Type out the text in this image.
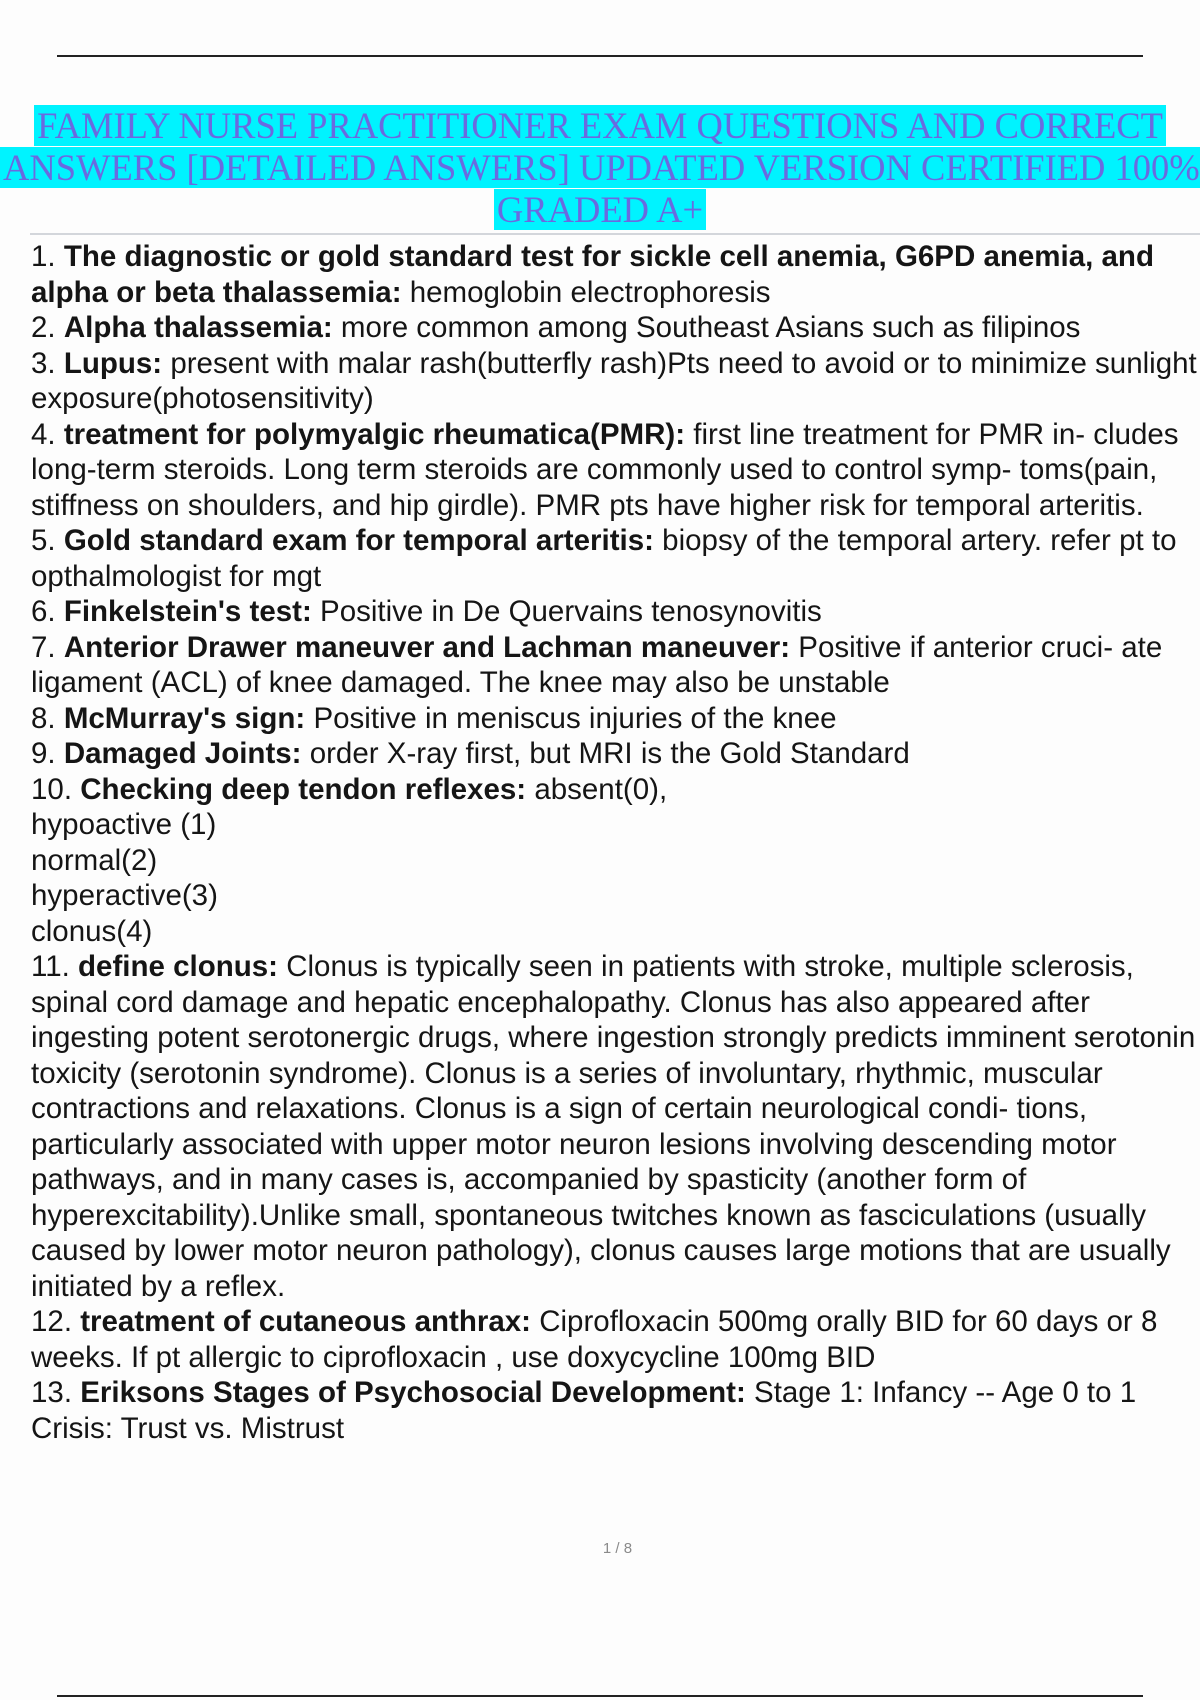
FAMILY NURSE PRACTITIONER EXAM QUESTIONS AND CORRECT
ANSWERS [DETAILED ANSWERS] UPDATED VERSION CERTIFIED 100%
GRADED A+

1. The diagnostic or gold standard test for sickle cell anemia, G6PD anemia, and alpha or beta thalassemia: hemoglobin electrophoresis

2. Alpha thalassemia: more common among Southeast Asians such as filipinos

3. Lupus: present with malar rash(butterfly rash)Pts need to avoid or to minimize sunlight exposure(photosensitivity)

4. treatment for polymyalgic rheumatica(PMR): first line treatment for PMR in- cludes long-term steroids. Long term steroids are commonly used to control symp- toms(pain, stiffness on shoulders, and hip girdle). PMR pts have higher risk for temporal arteritis.

5. Gold standard exam for temporal arteritis: biopsy of the temporal artery. refer pt to opthalmologist for mgt

6. Finkelstein's test: Positive in De Quervains tenosynovitis

7. Anterior Drawer maneuver and Lachman maneuver: Positive if anterior cruci- ate ligament (ACL) of knee damaged. The knee may also be unstable

8. McMurray's sign: Positive in meniscus injuries of the knee

9. Damaged Joints: order X-ray first, but MRI is the Gold Standard

10. Checking deep tendon reflexes: absent(0),
hypoactive (1)
normal(2)
hyperactive(3)
clonus(4)

11. define clonus: Clonus is typically seen in patients with stroke, multiple sclerosis, spinal cord damage and hepatic encephalopathy. Clonus has also appeared after ingesting potent serotonergic drugs, where ingestion strongly predicts imminent serotonin toxicity (serotonin syndrome). Clonus is a series of involuntary, rhythmic, muscular contractions and relaxations. Clonus is a sign of certain neurological condi- tions, particularly associated with upper motor neuron lesions involving descending motor pathways, and in many cases is, accompanied by spasticity (another form of hyperexcitability).Unlike small, spontaneous twitches known as fasciculations (usually caused by lower motor neuron pathology), clonus causes large motions that are usually initiated by a reflex.

12. treatment of cutaneous anthrax: Ciprofloxacin 500mg orally BID for 60 days or 8 weeks. If pt allergic to ciprofloxacin , use doxycycline 100mg BID

13. Eriksons Stages of Psychosocial Development: Stage 1: Infancy -- Age 0 to 1
Crisis: Trust vs. Mistrust

1 / 8
